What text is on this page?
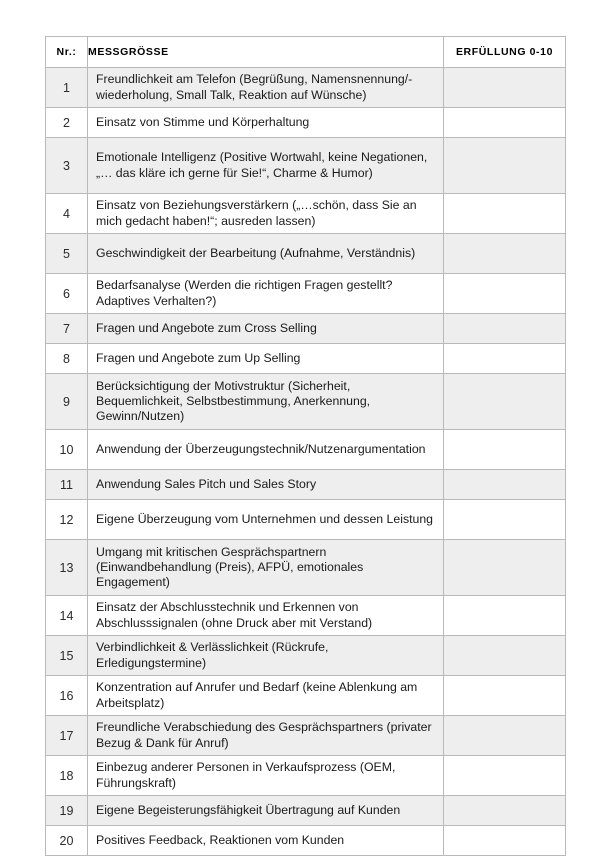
Nr.:	MESSGRÖSSE	ERFÜLLUNG 0-10
1	Freundlichkeit am Telefon (Begrüßung, Namensnennung/-wiederholung, Small Talk, Reaktion auf Wünsche)	
2	Einsatz von Stimme und Körperhaltung	
3	Emotionale Intelligenz (Positive Wortwahl, keine Negationen, „… das kläre ich gerne für Sie!“, Charme & Humor)	
4	Einsatz von Beziehungsverstärkern („…schön, dass Sie an mich gedacht haben!“; ausreden lassen)	
5	Geschwindigkeit der Bearbeitung (Aufnahme, Verständnis)	
6	Bedarfsanalyse (Werden die richtigen Fragen gestellt? Adaptives Verhalten?)	
7	Fragen und Angebote zum Cross Selling	
8	Fragen und Angebote zum Up Selling	
9	Berücksichtigung der Motivstruktur (Sicherheit, Bequemlichkeit, Selbstbestimmung, Anerkennung, Gewinn/Nutzen)	
10	Anwendung der Überzeugungstechnik/Nutzenargumentation	
11	Anwendung Sales Pitch und Sales Story	
12	Eigene Überzeugung vom Unternehmen und dessen Leistung	
13	Umgang mit kritischen Gesprächspartnern (Einwandbehandlung (Preis), AFPÜ, emotionales Engagement)	
14	Einsatz der Abschlusstechnik und Erkennen von Abschlusssignalen (ohne Druck aber mit Verstand)	
15	Verbindlichkeit & Verlässlichkeit (Rückrufe, Erledigungstermine)	
16	Konzentration auf Anrufer und Bedarf (keine Ablenkung am Arbeitsplatz)	
17	Freundliche Verabschiedung des Gesprächspartners (privater Bezug & Dank für Anruf)	
18	Einbezug anderer Personen in Verkaufsprozess (OEM, Führungskraft)	
19	Eigene Begeisterungsfähigkeit Übertragung auf Kunden	
20	Positives Feedback, Reaktionen vom Kunden	
